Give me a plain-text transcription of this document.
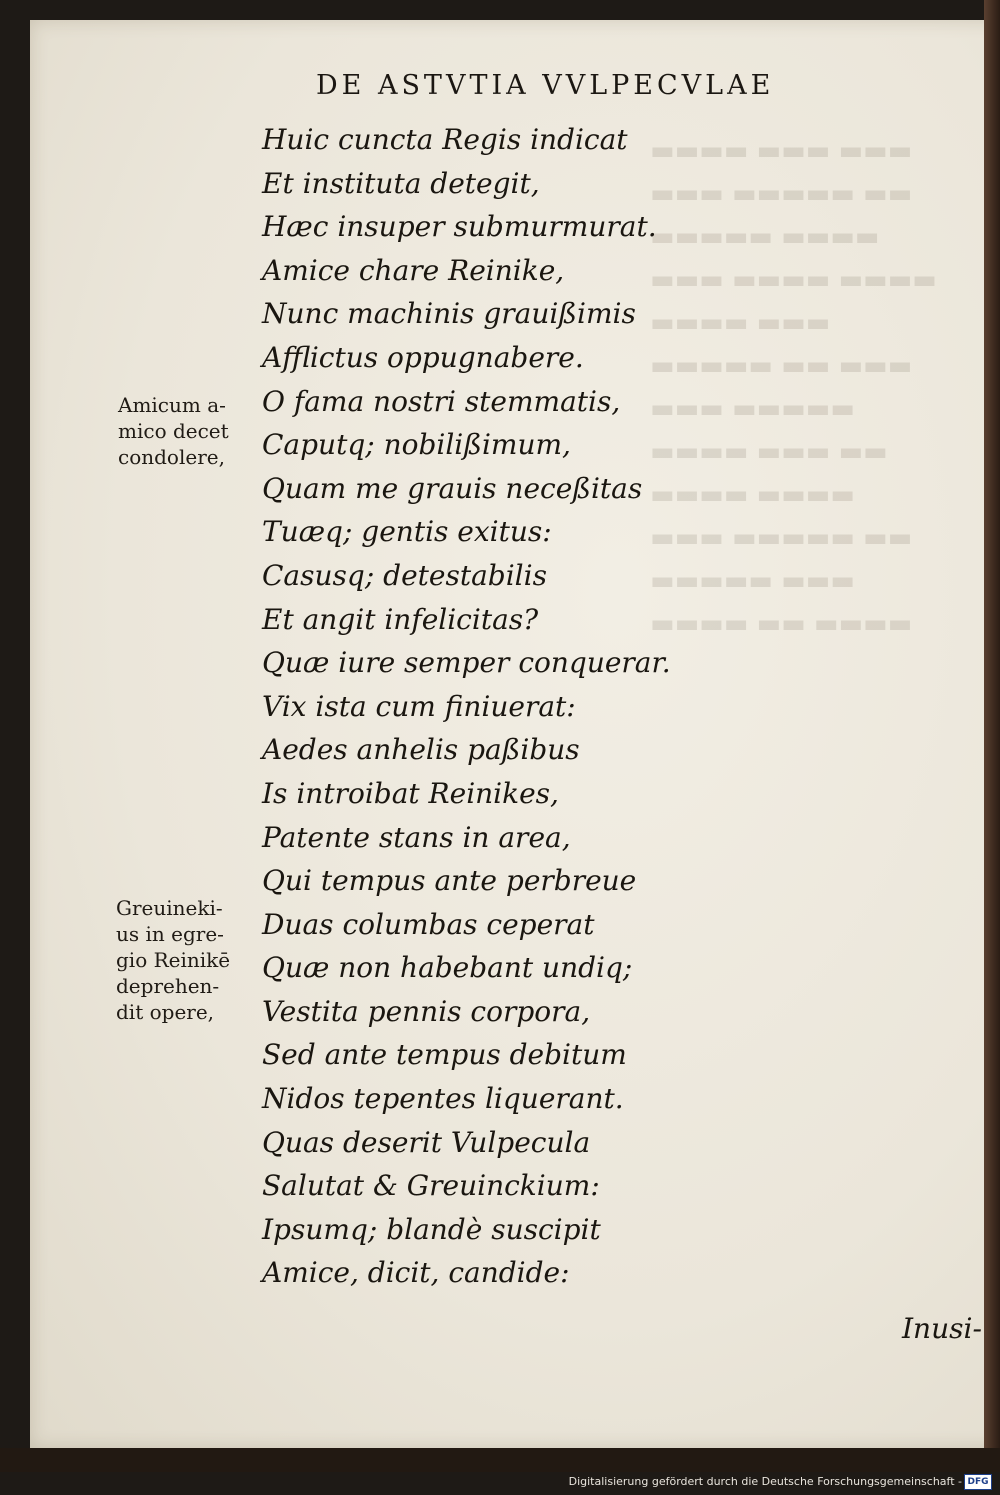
▬▬▬▬ ▬▬▬ ▬▬▬
▬▬▬ ▬▬▬▬▬ ▬▬
▬▬▬▬▬ ▬▬▬▬
▬▬▬ ▬▬▬▬ ▬▬▬▬
▬▬▬▬ ▬▬▬
▬▬▬▬▬ ▬▬ ▬▬▬
▬▬▬ ▬▬▬▬▬
▬▬▬▬ ▬▬▬ ▬▬
▬▬▬▬ ▬▬▬▬
▬▬▬ ▬▬▬▬▬ ▬▬
▬▬▬▬▬ ▬▬▬
▬▬▬▬ ▬▬ ▬▬▬▬
DE ASTVTIA VVLPECVLAE
Huic cuncta Regis indicat
Et instituta detegit,
Hæc insuper submurmurat.
Amice chare Reinike,
Nunc machinis grauißimis
Afflictus oppugnabere.
O fama nostri stemmatis,
Caputq; nobilißimum,
Quam me grauis neceßitas
Tuæq; gentis exitus:
Casusq; detestabilis
Et angit infelicitas?
Quæ iure semper conquerar.
Vix ista cum finiuerat:
Aedes anhelis paßibus
Is introibat Reinikes,
Patente stans in area,
Qui tempus ante perbreue
Duas columbas ceperat
Quæ non habebant undiq;
Vestita pennis corpora,
Sed ante tempus debitum
Nidos tepentes liquerant.
Quas deserit Vulpecula
Salutat & Greuinckium:
Ipsumq; blandè suscipit
Amice, dicit, candide:
Amicum a-
mico decet
condolere,
Greuineki-
us in egre-
gio Reinikē
deprehen-
dit opere,
Inusi-
Digitalisierung gefördert durch die Deutsche Forschungsgemeinschaft - DFG
